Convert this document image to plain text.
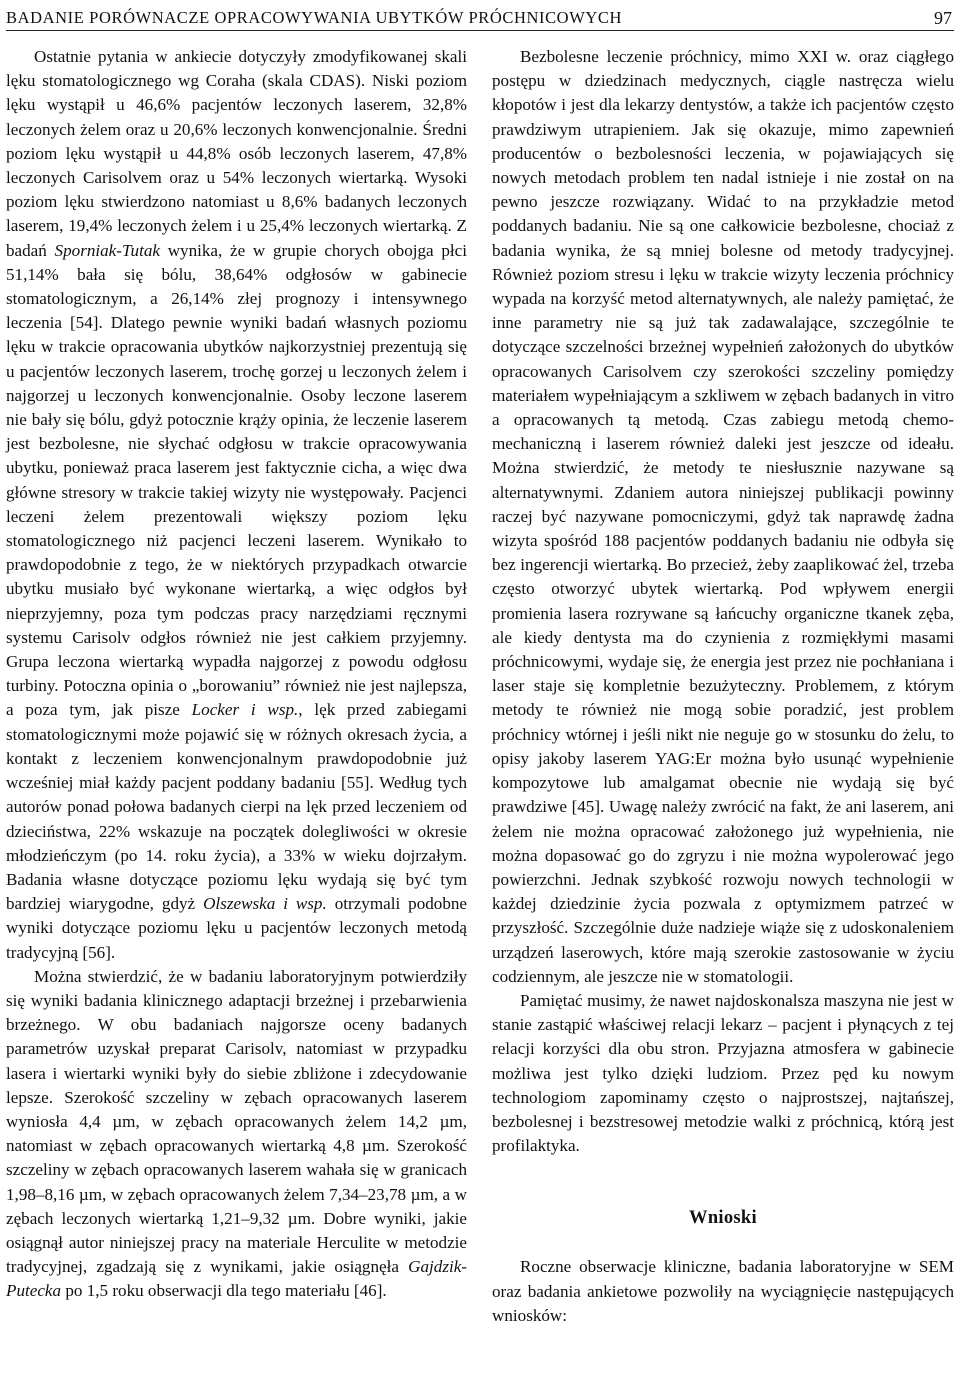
BADANIE PORÓWNACZE OPRACOWYWANIA UBYTKÓW PRÓCHNICOWYCH	97

Ostatnie pytania w ankiecie dotyczyły zmodyfikowanej skali lęku stomatologicznego wg Coraha (skala CDAS). Niski poziom lęku wystąpił u 46,6% pacjentów leczonych laserem, 32,8% leczonych żelem oraz u 20,6% leczonych konwencjonalnie. Średni poziom lęku wystąpił u 44,8% osób leczonych laserem, 47,8% leczonych Carisolvem oraz u 54% leczonych wiertarką. Wysoki poziom lęku stwierdzono natomiast u 8,6% badanych leczonych laserem, 19,4% leczonych żelem i u 25,4% leczonych wiertarką. Z badań Sporniak-Tutak wynika, że w grupie chorych obojga płci 51,14% bała się bólu, 38,64% odgłosów w gabinecie stomatologicznym, a 26,14% złej prognozy i intensywnego leczenia [54]. Dlatego pewnie wyniki badań własnych poziomu lęku w trakcie opracowania ubytków najkorzystniej prezentują się u pacjentów leczonych laserem, trochę gorzej u leczonych żelem i najgorzej u leczonych konwencjonalnie. Osoby leczone laserem nie bały się bólu, gdyż potocznie krąży opinia, że leczenie laserem jest bezbolesne, nie słychać odgłosu w trakcie opracowywania ubytku, ponieważ praca laserem jest faktycznie cicha, a więc dwa główne stresory w trakcie takiej wizyty nie występowały. Pacjenci leczeni żelem prezentowali większy poziom lęku stomatologicznego niż pacjenci leczeni laserem. Wynikało to prawdopodobnie z tego, że w niektórych przypadkach otwarcie ubytku musiało być wykonane wiertarką, a więc odgłos był nieprzyjemny, poza tym podczas pracy narzędziami ręcznymi systemu Carisolv odgłos również nie jest całkiem przyjemny. Grupa leczona wiertarką wypadła najgorzej z powodu odgłosu turbiny. Potoczna opinia o „borowaniu” również nie jest najlepsza, a poza tym, jak pisze Locker i wsp., lęk przed zabiegami stomatologicznymi może pojawić się w różnych okresach życia, a kontakt z leczeniem konwencjonalnym prawdopodobnie już wcześniej miał każdy pacjent poddany badaniu [55]. Według tych autorów ponad połowa badanych cierpi na lęk przed leczeniem od dzieciństwa, 22% wskazuje na początek dolegliwości w okresie młodzieńczym (po 14. roku życia), a 33% w wieku dojrzałym. Badania własne dotyczące poziomu lęku wydają się być tym bardziej wiarygodne, gdyż Olszewska i wsp. otrzymali podobne wyniki dotyczące poziomu lęku u pacjentów leczonych metodą tradycyjną [56].

Można stwierdzić, że w badaniu laboratoryjnym potwierdziły się wyniki badania klinicznego adaptacji brzeżnej i przebarwienia brzeżnego. W obu badaniach najgorsze oceny badanych parametrów uzyskał preparat Carisolv, natomiast w przypadku lasera i wiertarki wyniki były do siebie zbliżone i zdecydowanie lepsze. Szerokość szczeliny w zębach opracowanych laserem wyniosła 4,4 µm, w zębach opracowanych żelem 14,2 µm, natomiast w zębach opracowanych wiertarką 4,8 µm. Szerokość szczeliny w zębach opracowanych laserem wahała się w granicach 1,98–8,16 µm, w zębach opracowanych żelem 7,34–23,78 µm, a w zębach leczonych wiertarką 1,21–9,32 µm. Dobre wyniki, jakie osiągnął autor niniejszej pracy na materiale Herculite w metodzie tradycyjnej, zgadzają się z wynikami, jakie osiągnęła Gajdzik-Putecka po 1,5 roku obserwacji dla tego materiału [46].

Bezbolesne leczenie próchnicy, mimo XXI w. oraz ciągłego postępu w dziedzinach medycznych, ciągle nastręcza wielu kłopotów i jest dla lekarzy dentystów, a także ich pacjentów często prawdziwym utrapieniem. Jak się okazuje, mimo zapewnień producentów o bezbolesności leczenia, w pojawiających się nowych metodach problem ten nadal istnieje i nie został on na pewno jeszcze rozwiązany. Widać to na przykładzie metod poddanych badaniu. Nie są one całkowicie bezbolesne, chociaż z badania wynika, że są mniej bolesne od metody tradycyjnej. Również poziom stresu i lęku w trakcie wizyty leczenia próchnicy wypada na korzyść metod alternatywnych, ale należy pamiętać, że inne parametry nie są już tak zadawalające, szczególnie te dotyczące szczelności brzeżnej wypełnień założonych do ubytków opracowanych Carisolvem czy szerokości szczeliny pomiędzy materiałem wypełniającym a szkliwem w zębach badanych in vitro a opracowanych tą metodą. Czas zabiegu metodą chemo-mechaniczną i laserem również daleki jest jeszcze od ideału. Można stwierdzić, że metody te niesłusznie nazywane są alternatywnymi. Zdaniem autora niniejszej publikacji powinny raczej być nazywane pomocniczymi, gdyż tak naprawdę żadna wizyta spośród 188 pacjentów poddanych badaniu nie odbyła się bez ingerencji wiertarką. Bo przecież, żeby zaaplikować żel, trzeba często otworzyć ubytek wiertarką. Pod wpływem energii promienia lasera rozrywane są łańcuchy organiczne tkanek zęba, ale kiedy dentysta ma do czynienia z rozmiękłymi masami próchnicowymi, wydaje się, że energia jest przez nie pochłaniana i laser staje się kompletnie bezużyteczny. Problemem, z którym metody te również nie mogą sobie poradzić, jest problem próchnicy wtórnej i jeśli nikt nie neguje go w stosunku do żelu, to opisy jakoby laserem YAG:Er można było usunąć wypełnienie kompozytowe lub amalgamat obecnie nie wydają się być prawdziwe [45]. Uwagę należy zwrócić na fakt, że ani laserem, ani żelem nie można opracować założonego już wypełnienia, nie można dopasować go do zgryzu i nie można wypolerować jego powierzchni. Jednak szybkość rozwoju nowych technologii w każdej dziedzinie życia pozwala z optymizmem patrzeć w przyszłość. Szczególnie duże nadzieje wiąże się z udoskonaleniem urządzeń laserowych, które mają szerokie zastosowanie w życiu codziennym, ale jeszcze nie w stomatologii.

Pamiętać musimy, że nawet najdoskonalsza maszyna nie jest w stanie zastąpić właściwej relacji lekarz – pacjent i płynących z tej relacji korzyści dla obu stron. Przyjazna atmosfera w gabinecie możliwa jest tylko dzięki ludziom. Przez pęd ku nowym technologiom zapominamy często o najprostszej, najtańszej, bezbolesnej i bezstresowej metodzie walki z próchnicą, którą jest profilaktyka.

Wnioski

Roczne obserwacje kliniczne, badania laboratoryjne w SEM oraz badania ankietowe pozwoliły na wyciągnięcie następujących wniosków:
